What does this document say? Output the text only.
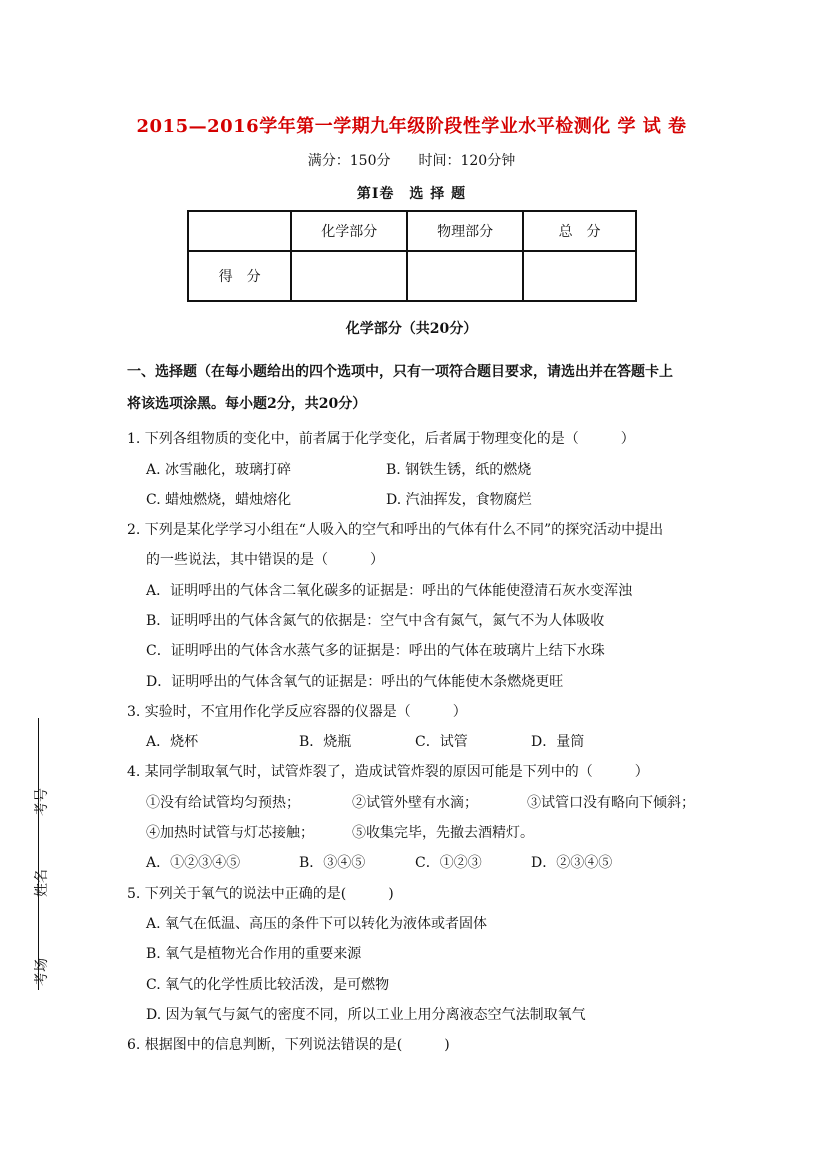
2015—2016学年第一学期九年级阶段性学业水平检测化 学 试 卷
满分：150分　　时间：120分钟
第Ⅰ卷　选 择 题
	化学部分	物理部分	总　分
得　分			
化学部分（共20分）
一、选择题（在每小题给出的四个选项中，只有一项符合题目要求，请选出并在答题卡上
将该选项涂黑。每小题2分，共20分）
1. 下列各组物质的变化中，前者属于化学变化，后者属于物理变化的是（　　　）
A. 冰雪融化，玻璃打碎	B. 钢铁生锈，纸的燃烧
C. 蜡烛燃烧，蜡烛熔化	D. 汽油挥发，食物腐烂
2. 下列是某化学学习小组在“人吸入的空气和呼出的气体有什么不同”的探究活动中提出
的一些说法，其中错误的是（　　　）
A．证明呼出的气体含二氧化碳多的证据是：呼出的气体能使澄清石灰水变浑浊
B．证明呼出的气体含氮气的依据是：空气中含有氮气，氮气不为人体吸收
C．证明呼出的气体含水蒸气多的证据是：呼出的气体在玻璃片上结下水珠
D．证明呼出的气体含氧气的证据是：呼出的气体能使木条燃烧更旺
3. 实验时，不宜用作化学反应容器的仪器是（　　　）
A．烧杯	B．烧瓶	C．试管	D．量筒
4. 某同学制取氧气时，试管炸裂了，造成试管炸裂的原因可能是下列中的（　　　）
①没有给试管均匀预热；	②试管外壁有水滴；	③试管口没有略向下倾斜；
④加热时试管与灯芯接触；	⑤收集完毕，先撤去酒精灯。
A．①②③④⑤	B．③④⑤	C．①②③	D．②③④⑤
5. 下列关于氧气的说法中正确的是(　　　)
A. 氧气在低温、高压的条件下可以转化为液体或者固体
B. 氧气是植物光合作用的重要来源
C. 氧气的化学性质比较活泼，是可燃物
D. 因为氧气与氮气的密度不同，所以工业上用分离液态空气法制取氧气
6. 根据图中的信息判断，下列说法错误的是(　　　)
考号
姓名
考场
